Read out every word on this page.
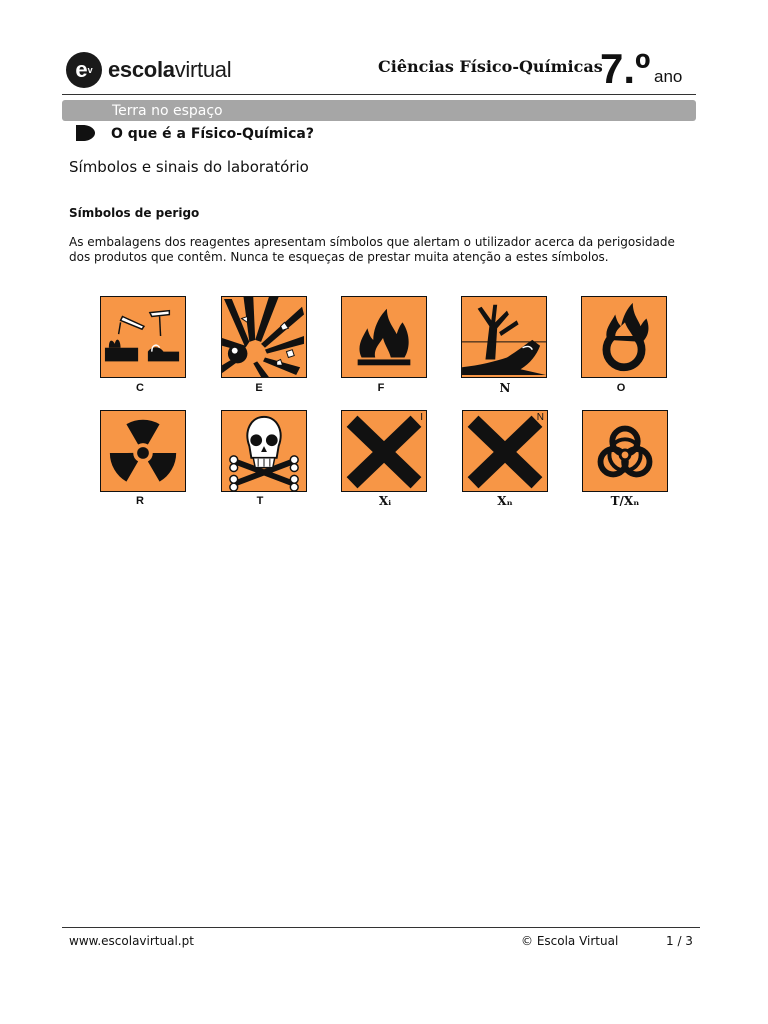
$e^v$ escolavirtual	Ciências Físico-Químicas
7.º ano
Terra no espaço
O que é a Físico-Química?
Símbolos e sinais do laboratório
Símbolos de perigo
As embalagens dos reagentes apresentam símbolos que alertam o utilizador acerca da perigosidade dos produtos que contêm. Nunca te esqueças de prestar muita atenção a estes símbolos.
C	E	F	N	O
R	T
I
Xᵢ
N
Xₙ	T/Xₙ
www.escolavirtual.pt	© Escola Virtual	1 / 3
